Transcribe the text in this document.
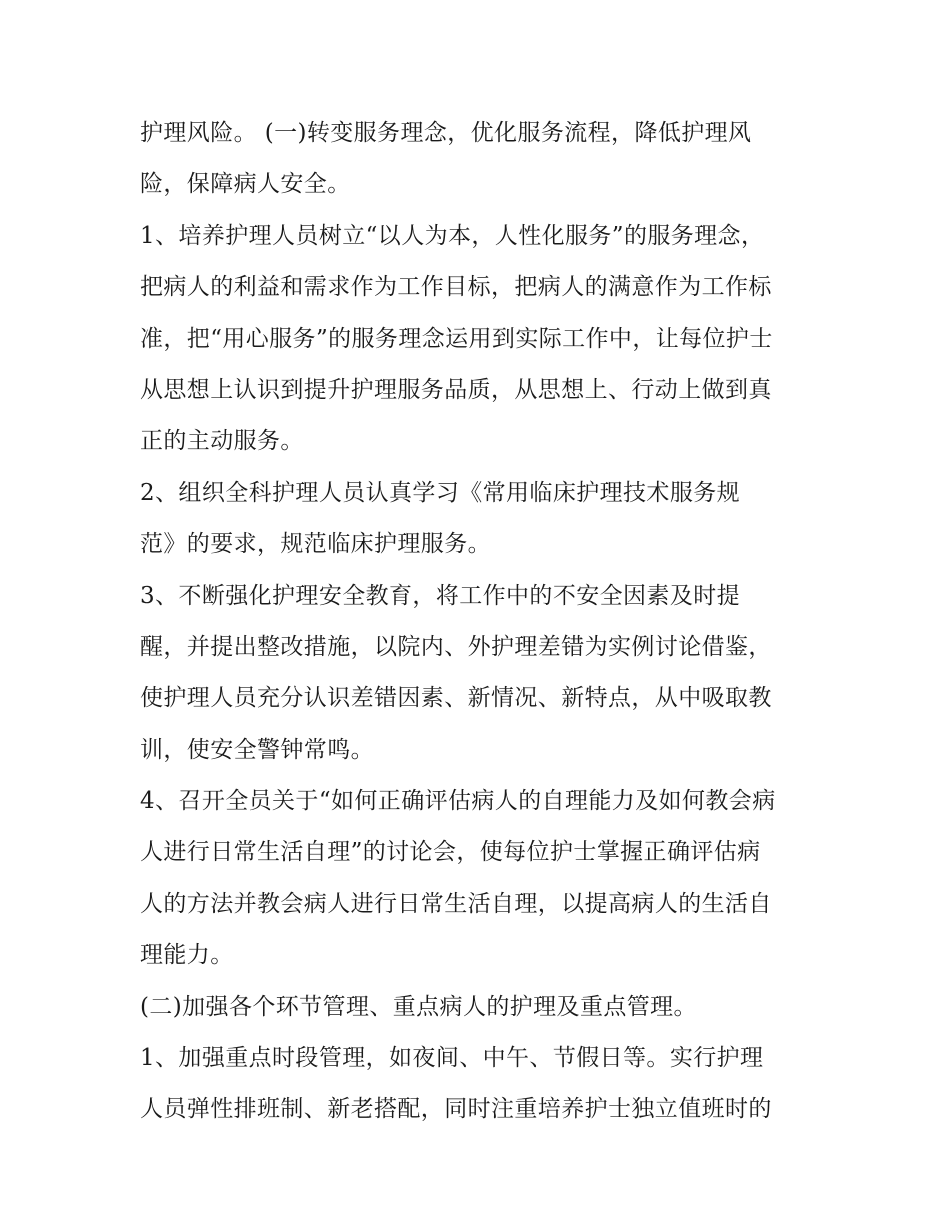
护理风险。 (一)转变服务理念，优化服务流程，降低护理风
险，保障病人安全。
1、培养护理人员树立“以人为本，人性化服务”的服务理念，
把病人的利益和需求作为工作目标，把病人的满意作为工作标
准，把“用心服务”的服务理念运用到实际工作中，让每位护士
从思想上认识到提升护理服务品质，从思想上、行动上做到真
正的主动服务。
2、组织全科护理人员认真学习《常用临床护理技术服务规
范》的要求，规范临床护理服务。
3、不断强化护理安全教育，将工作中的不安全因素及时提
醒，并提出整改措施，以院内、外护理差错为实例讨论借鉴，
使护理人员充分认识差错因素、新情况、新特点，从中吸取教
训，使安全警钟常鸣。
4、召开全员关于“如何正确评估病人的自理能力及如何教会病
人进行日常生活自理”的讨论会，使每位护士掌握正确评估病
人的方法并教会病人进行日常生活自理，以提高病人的生活自
理能力。
(二)加强各个环节管理、重点病人的护理及重点管理。
1、加强重点时段管理，如夜间、中午、节假日等。实行护理
人员弹性排班制、新老搭配，同时注重培养护士独立值班时的
